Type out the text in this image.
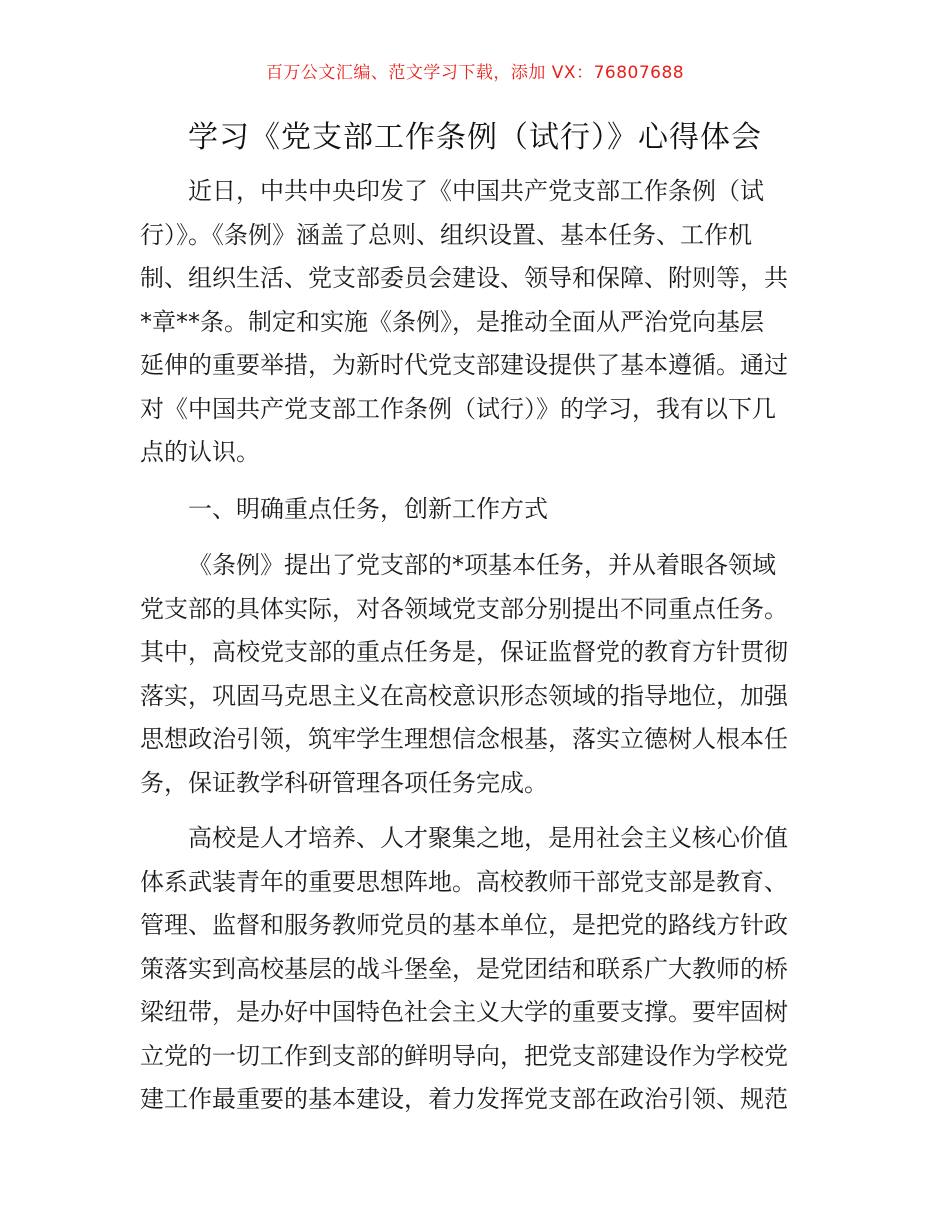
百万公文汇编、范文学习下载，添加 VX：76807688
学习《党支部工作条例（试行）》心得体会

近日，中共中央印发了《中国共产党支部工作条例（试
行）》。《条例》涵盖了总则、组织设置、基本任务、工作机
制、组织生活、党支部委员会建设、领导和保障、附则等，共
*章**条。制定和实施《条例》，是推动全面从严治党向基层
延伸的重要举措，为新时代党支部建设提供了基本遵循。通过
对《中国共产党支部工作条例（试行）》的学习，我有以下几
点的认识。

一、明确重点任务，创新工作方式

《条例》提出了党支部的*项基本任务，并从着眼各领域
党支部的具体实际，对各领域党支部分别提出不同重点任务。
其中，高校党支部的重点任务是，保证监督党的教育方针贯彻
落实，巩固马克思主义在高校意识形态领域的指导地位，加强
思想政治引领，筑牢学生理想信念根基，落实立德树人根本任
务，保证教学科研管理各项任务完成。

高校是人才培养、人才聚集之地，是用社会主义核心价值
体系武装青年的重要思想阵地。高校教师干部党支部是教育、
管理、监督和服务教师党员的基本单位，是把党的路线方针政
策落实到高校基层的战斗堡垒，是党团结和联系广大教师的桥
梁纽带，是办好中国特色社会主义大学的重要支撑。要牢固树
立党的一切工作到支部的鲜明导向，把党支部建设作为学校党
建工作最重要的基本建设，着力发挥党支部在政治引领、规范
